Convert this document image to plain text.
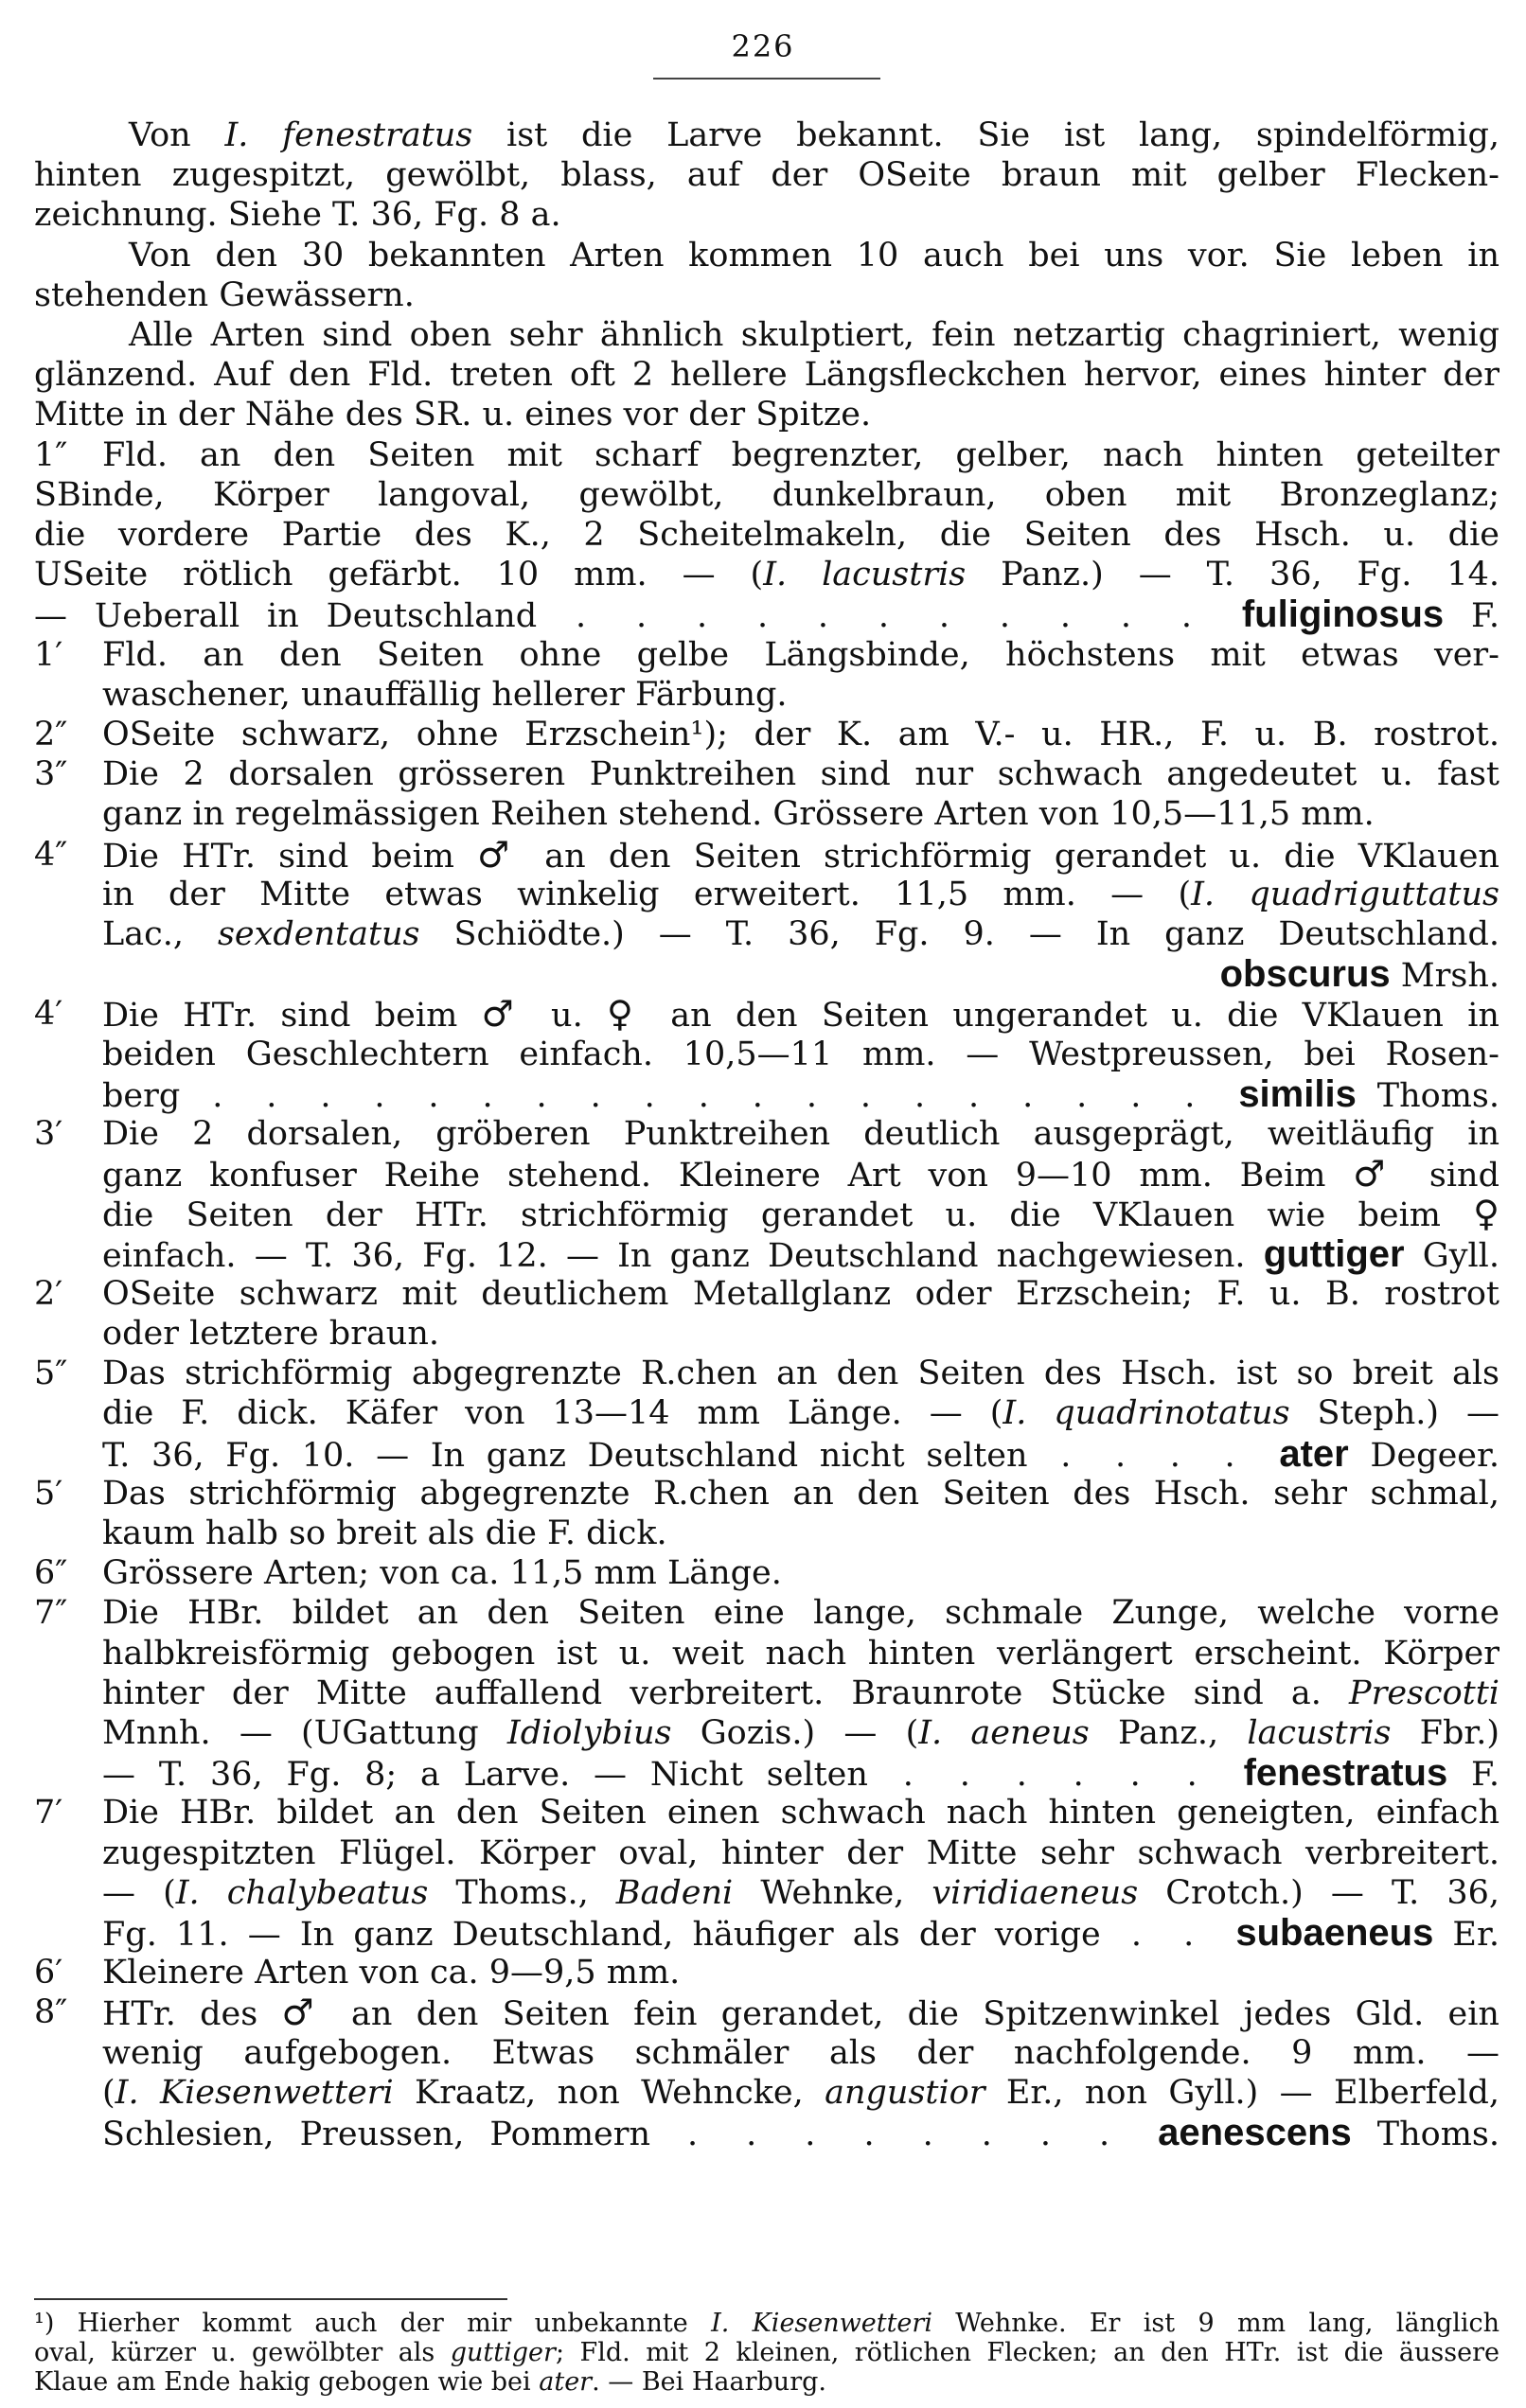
226
Von I. fenestratus ist die Larve bekannt. Sie ist lang, spindelförmig,
hinten zugespitzt, gewölbt, blass, auf der OSeite braun mit gelber Flecken-
zeichnung. Siehe T. 36, Fg. 8 a.
Von den 30 bekannten Arten kommen 10 auch bei uns vor. Sie leben in
stehenden Gewässern.
Alle Arten sind oben sehr ähnlich skulptiert, fein netzartig chagriniert, wenig
glänzend. Auf den Fld. treten oft 2 hellere Längsfleckchen hervor, eines hinter der
Mitte in der Nähe des SR. u. eines vor der Spitze.
1″	Fld. an den Seiten mit scharf begrenzter, gelber, nach hinten geteilter
SBinde, Körper langoval, gewölbt, dunkelbraun, oben mit Bronzeglanz;
die vordere Partie des K., 2 Scheitelmakeln, die Seiten des Hsch. u. die
USeite rötlich gefärbt. 10 mm. — (I. lacustris Panz.) — T. 36, Fg. 14.
— Ueberall in Deutschland . . . . . . . . . . . fuliginosus F.
1′	Fld. an den Seiten ohne gelbe Längsbinde, höchstens mit etwas ver-
waschener, unauffällig hellerer Färbung.
2″	OSeite schwarz, ohne Erzschein¹); der K. am V.- u. HR., F. u. B. rostrot.
3″	Die 2 dorsalen grösseren Punktreihen sind nur schwach angedeutet u. fast
ganz in regelmässigen Reihen stehend. Grössere Arten von 10,5—11,5 mm.
4″	Die HTr. sind beim ♂ an den Seiten strichförmig gerandet u. die VKlauen
in der Mitte etwas winkelig erweitert. 11,5 mm. — (I. quadriguttatus
Lac., sexdentatus Schiödte.) — T. 36, Fg. 9. — In ganz Deutschland.
obscurus Mrsh.
4′	Die HTr. sind beim ♂ u. ♀ an den Seiten ungerandet u. die VKlauen in
beiden Geschlechtern einfach. 10,5—11 mm. — Westpreussen, bei Rosen-
berg . . . . . . . . . . . . . . . . . . . similis Thoms.
3′	Die 2 dorsalen, gröberen Punktreihen deutlich ausgeprägt, weitläufig in
ganz konfuser Reihe stehend. Kleinere Art von 9—10 mm. Beim ♂ sind
die Seiten der HTr. strichförmig gerandet u. die VKlauen wie beim ♀
einfach. — T. 36, Fg. 12. — In ganz Deutschland nachgewiesen. guttiger Gyll.
2′	OSeite schwarz mit deutlichem Metallglanz oder Erzschein; F. u. B. rostrot
oder letztere braun.
5″	Das strichförmig abgegrenzte R.chen an den Seiten des Hsch. ist so breit als
die F. dick. Käfer von 13—14 mm Länge. — (I. quadrinotatus Steph.) —
T. 36, Fg. 10. — In ganz Deutschland nicht selten . . . . ater Degeer.
5′	Das strichförmig abgegrenzte R.chen an den Seiten des Hsch. sehr schmal,
kaum halb so breit als die F. dick.
6″	Grössere Arten; von ca. 11,5 mm Länge.
7″	Die HBr. bildet an den Seiten eine lange, schmale Zunge, welche vorne
halbkreisförmig gebogen ist u. weit nach hinten verlängert erscheint. Körper
hinter der Mitte auffallend verbreitert. Braunrote Stücke sind a. Prescotti
Mnnh. — (UGattung Idiolybius Gozis.) — (I. aeneus Panz., lacustris Fbr.)
— T. 36, Fg. 8; a Larve. — Nicht selten . . . . . . fenestratus F.
7′	Die HBr. bildet an den Seiten einen schwach nach hinten geneigten, einfach
zugespitzten Flügel. Körper oval, hinter der Mitte sehr schwach verbreitert.
— (I. chalybeatus Thoms., Badeni Wehnke, viridiaeneus Crotch.) — T. 36,
Fg. 11. — In ganz Deutschland, häufiger als der vorige . . subaeneus Er.
6′	Kleinere Arten von ca. 9—9,5 mm.
8″	HTr. des ♂ an den Seiten fein gerandet, die Spitzenwinkel jedes Gld. ein
wenig aufgebogen. Etwas schmäler als der nachfolgende. 9 mm. —
(I. Kiesenwetteri Kraatz, non Wehncke, angustior Er., non Gyll.) — Elberfeld,
Schlesien, Preussen, Pommern . . . . . . . . aenescens Thoms.
¹) Hierher kommt auch der mir unbekannte I. Kiesenwetteri Wehnke. Er ist 9 mm lang, länglich
oval, kürzer u. gewölbter als guttiger; Fld. mit 2 kleinen, rötlichen Flecken; an den HTr. ist die äussere
Klaue am Ende hakig gebogen wie bei ater. — Bei Haarburg.
